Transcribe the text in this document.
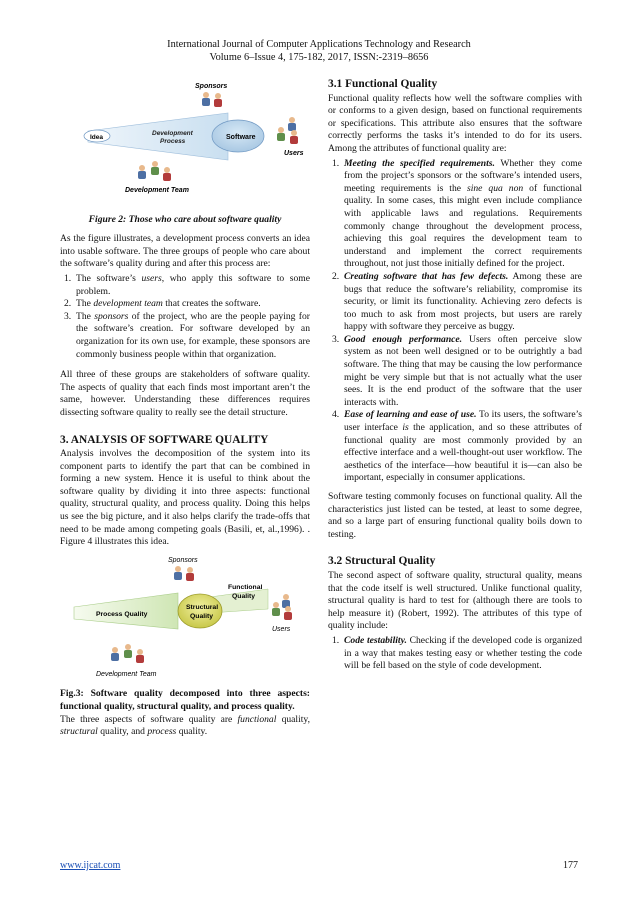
International Journal of Computer Applications Technology and Research
Volume 6–Issue 4, 175-182, 2017, ISSN:-2319–8656
Sponsors
Idea
Development
Process
Software
Users
Development Team
Figure 2: Those who care about software quality

As the figure illustrates, a development process converts an idea into usable software. The three groups of people who care about the software’s quality during and after this process are:

1. The software’s users, who apply this software to some problem.
2. The development team that creates the software.
3. The sponsors of the project, who are the people paying for the software’s creation. For software developed by an organization for its own use, for example, these sponsors are commonly business people within that organization.

All three of these groups are stakeholders of software quality. The aspects of quality that each finds most important aren’t the same, however. Understanding these differences requires dissecting software quality to really see the detail structure.

3. ANALYSIS OF SOFTWARE QUALITY

Analysis involves the decomposition of the system into its component parts to identify the part that can be combined in forming a new system. Hence it is useful to think about the software quality by dividing it into three aspects: functional quality, structural quality, and process quality. Doing this helps us see the big picture, and it also helps clarify the trade-offs that need to be made among competing goals (Basili, et, al.,1996). . Figure 4 illustrates this idea.

Sponsors
Process Quality
Structural
Quality
Functional
Quality
Users
Development Team

Fig.3: Software quality decomposed into three aspects: functional quality, structural quality, and process quality.

The three aspects of software quality are functional quality, structural quality, and process quality.

3.1 Functional Quality

Functional quality reflects how well the software complies with or conforms to a given design, based on functional requirements or specifications. This attribute also ensures that the software correctly performs the tasks it’s intended to do for its users. Among the attributes of functional quality are:

1. Meeting the specified requirements. Whether they come from the project’s sponsors or the software’s intended users, meeting requirements is the sine qua non of functional quality. In some cases, this might even include compliance with applicable laws and regulations. Requirements commonly change throughout the development process, achieving this goal requires the development team to understand and implement the correct requirements throughout, not just those initially defined for the project.
2. Creating software that has few defects. Among these are bugs that reduce the software’s reliability, compromise its security, or limit its functionality. Achieving zero defects is too much to ask from most projects, but users are rarely happy with software they perceive as buggy.
3. Good enough performance. Users often perceive slow system as not been well designed or to be outrightly a bad software. The thing that may be causing the low performance might be very simple but that is not actually what the user sees. It is the end product of the software that the user interacts with.
4. Ease of learning and ease of use. To its users, the software’s user interface is the application, and so these attributes of functional quality are most commonly provided by an effective interface and a well-thought-out user workflow. The aesthetics of the interface—how beautiful it is—can also be important, especially in consumer applications.

Software testing commonly focuses on functional quality. All the characteristics just listed can be tested, at least to some degree, and so a large part of ensuring functional quality boils down to testing.

3.2 Structural Quality

The second aspect of software quality, structural quality, means that the code itself is well structured. Unlike functional quality, structural quality is hard to test for (although there are tools to help measure it) (Robert, 1992). The attributes of this type of quality include:

1. Code testability. Checking if the developed code is organized in a way that makes testing easy or whether testing the code will be fell based on the style of code development.
www.ijcat.com	177
